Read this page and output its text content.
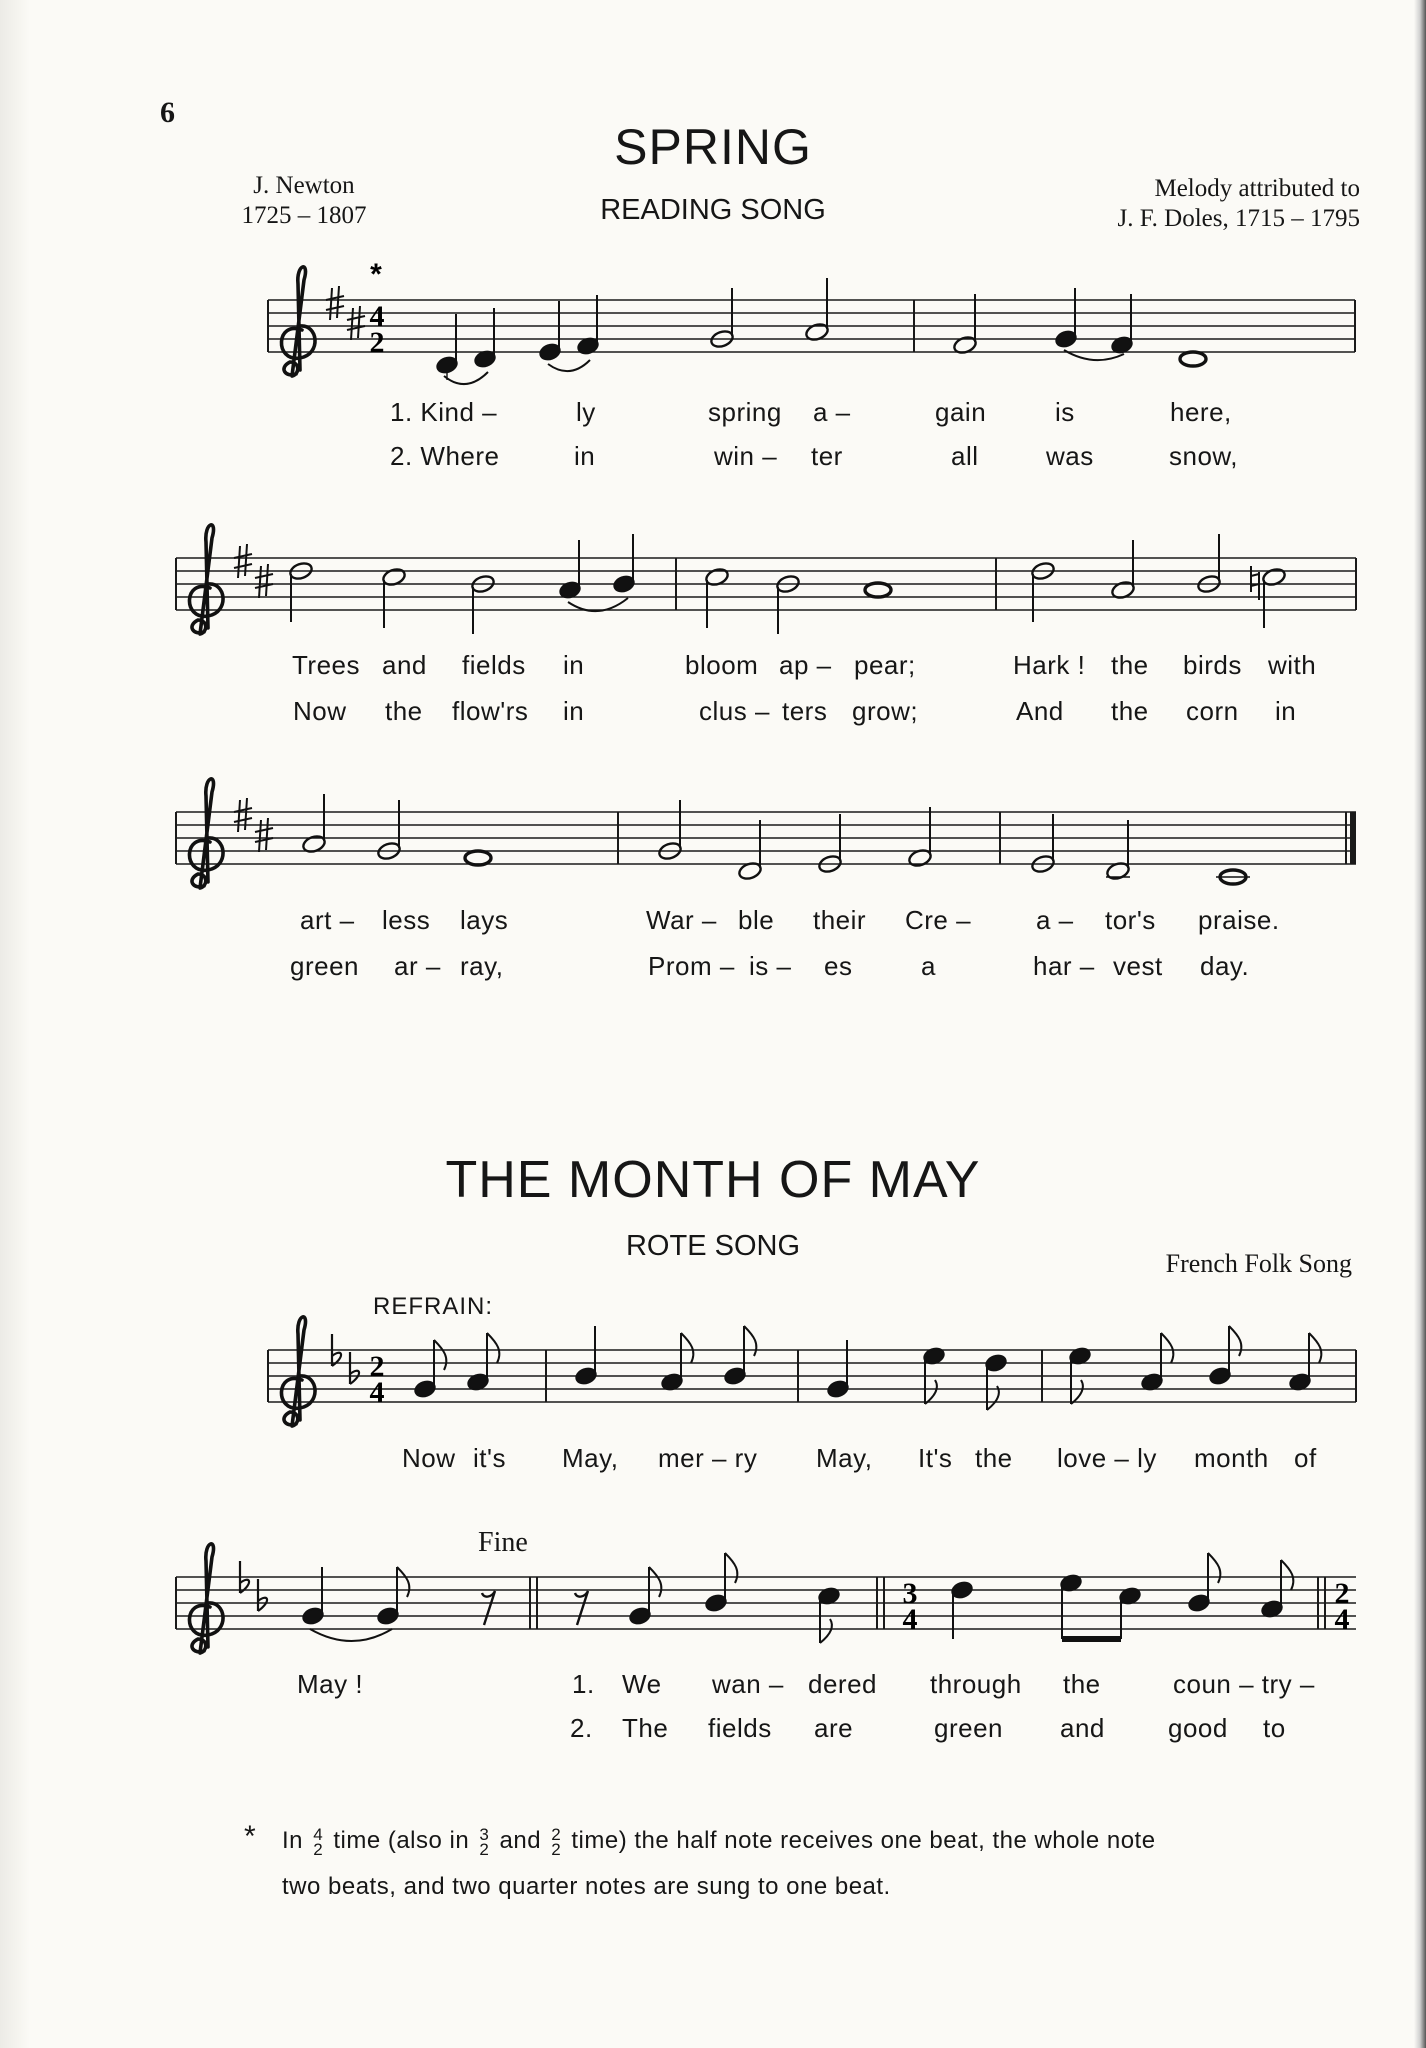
6
SPRING
READING SONG
J. Newton
1725 – 1807
Melody attributed to
J. F. Doles, 1715 – 1795
*
4
2
1. Kind –	ly	spring a –	gain	is	here,
2. Where	in	win – ter	all	was	snow,
Trees and fields in	bloom ap – pear;	Hark ! the birds with
Now the flow'rs in	clus – ters grow;	And the corn in
art – less lays	War – ble their Cre – a – tor's praise.
green ar – ray,	Prom – is – es	a	har – vest day.
THE MONTH OF MAY
ROTE SONG
French Folk Song
REFRAIN:
2
4
Now it's May, mer – ry May, It's the love – ly month of
Fine
3
4
2
4
May !	1. We wan – dered through the	coun – try –
2. The fields are	green and good to
*	In 4
2 time (also in 3
2 and 2
2 time) the half note receives one beat, the whole note
two beats, and two quarter notes are sung to one beat.
